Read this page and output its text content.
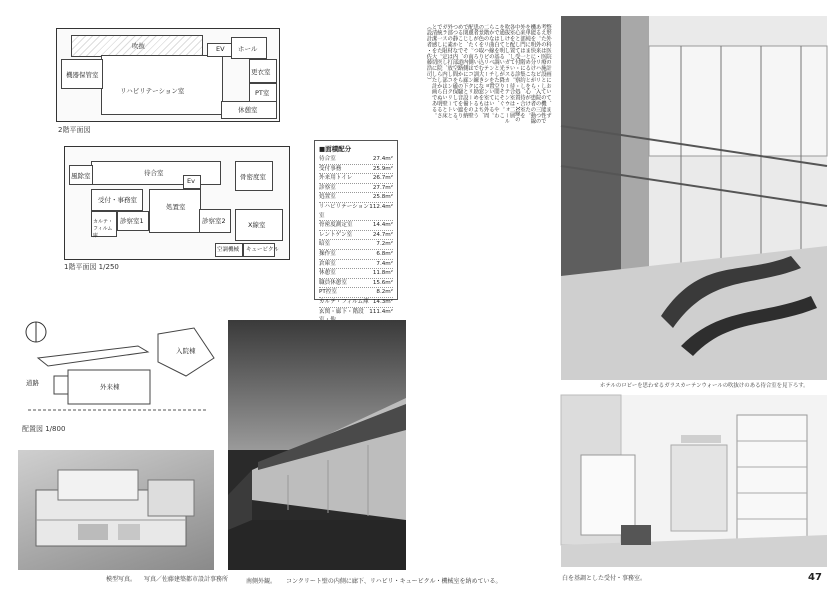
吹抜
リハビリテーション室
機器保管室
EV ホール
更衣室
PT室
休憩室
2階平面図
待合室
風除室
受付・事務室
処置室
診察室1	診察室2
骨密度室
X線室
カルテ・フィルム庫
Ev
空調機械 キュービクル
1階平面図 1/250
■面積配分
待合室	27.4m²
受付事務	25.9m²
外来用トイレ	26.7m²
診察室	27.7m²
処置室	25.8m²
リハビリテーション室
112.4m²
骨密度測定室	14.4m²
レントゲン室	24.7m²
暗室	7.2m²
操作室	6.8m²
倉庫室	7.4m²
休憩室	11.8m²
職員休憩室	15.6m²
PT控室	8.2m²
カルテ・フィルム庫 14.3m²
玄関・廊下・階段 111.4m²
入院棟
外来棟
道路
配置図 1/800
模型写真。 写真／佐藤建築都市設計事務所	南側外観。 コンクリート壁の内側に廊下、リハビリ・キュービクル・機械室を納めている。
整形外科医院の計画において、まず
考えたのは医療施設としての機能性で
ある。外来・リハビリ・入院の三つの
機能を明快に分けながら、患者の動線
を単純にまとめることを心がけた。
外来部門は一階に集約し、待合室を
中心として受付・診察・処置・X線の
各室を配置している。待合室は二層
吹抜けとし、ガラスカーテンウォール
を通して明るい光が降りそそぐ。こ
こでは白を基調とした空間に、やわ
らかな曲線のベンチを置いている。
二階のリハビリテーション室は外周
の景色を取り込む大きな窓をもち、
患者がくつろいで訓練に励めるよう
配慮した。南側はコンクリートの壁
で閉じ、その内側に廊下と設備を納
めることで、道路からの騒音を遮り
つつ静かな内部空間を確保している。
外部の素材は打放しコンクリートと
ガラスに限定し、内部は白い壁と床
で統一した。医院らしからぬ明るさ
と清潔感を大切にした計画である。
（設計者・佐藤浩司）
ホテルのロビーを思わせるガラスカーテンウォールの吹抜けのある待合室を見下ろす。
白を基調とした受付・事務室。	47
